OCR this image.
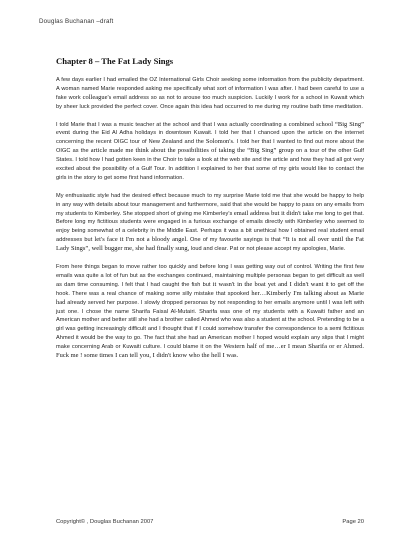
Douglas Buchanan –draft
Chapter 8 – The Fat Lady Sings

A few days earlier I had emailed the OZ International Girls Choir seeking some information from the publicity department. A woman named Marie responded asking me specifically what sort of information I was after. I had been careful to use a fake work colleague's email address so as not to arouse too much suspicion. Luckily I work for a school in Kuwait which by sheer luck provided the perfect cover. Once again this idea had occurred to me during my routine bath time meditation.

I told Marie that I was a music teacher at the school and that I was actually coordinating a combined school “Big Sing” event during the Eid Al Adha holidays in downtown Kuwait. I told her that I chanced upon the article on the internet concerning the recent OIGC tour of New Zealand and the Solomon's. I told her that I wanted to find out more about the OIGC as the article made me think about the possibilities of taking the “Big Sing” group on a tour of the other Gulf States. I told how I had gotten keen in the Choir to take a look at the web site and the article and how they had all got very excited about the possibility of a Gulf Tour. In addition I explained to her that some of my girls would like to contact the girls in the story to get some first hand information.

My enthusiastic style had the desired effect because much to my surprise Marie told me that she would be happy to help in any way with details about tour management and furthermore, said that she would be happy to pass on any emails from my students to Kimberley. She stopped short of giving me Kimberley's email address but it didn't take me long to get that. Before long my fictitious students were engaged in a furious exchange of emails directly with Kimberley who seemed to enjoy being somewhat of a celebrity in the Middle East. Perhaps it was a bit unethical how I obtained real student email addresses but let's face it I'm not a bloody angel. One of my favourite sayings is that “It is not all over until the Fat Lady Sings”, well bugger me, she had finally sung, loud and clear. Pat or not please accept my apologies, Marie.

From here things began to move rather too quickly and before long I was getting way out of control. Writing the first few emails was quite a lot of fun but as the exchanges continued, maintaining multiple personas began to get difficult as well as dam time consuming. I felt that I had caught the fish but it wasn't in the boat yet and I didn't want it to get off the hook. There was a real chance of making some silly mistake that spooked her…Kimberly I'm talking about as Marie had already served her purpose. I slowly dropped personas by not responding to her emails anymore until I was left with just one. I chose the name Sharifa Faisal Al-Mutairi. Sharifa was one of my students with a Kuwaiti father and an American mother and better still she had a brother called Ahmed who was also a student at the school. Pretending to be a girl was getting increasingly difficult and I thought that if I could somehow transfer the correspondence to a semi fictitious Ahmed it would be the way to go. The fact that she had an American mother I hoped would explain any slips that I might make concerning Arab or Kuwaiti culture. I could blame it on the Western half of me…er I mean Sharifa or er Ahmed. Fuck me ! some times I can tell you, I didn't know who the hell I was.

Copyright© , Douglas Buchanan 2007	Page 20
